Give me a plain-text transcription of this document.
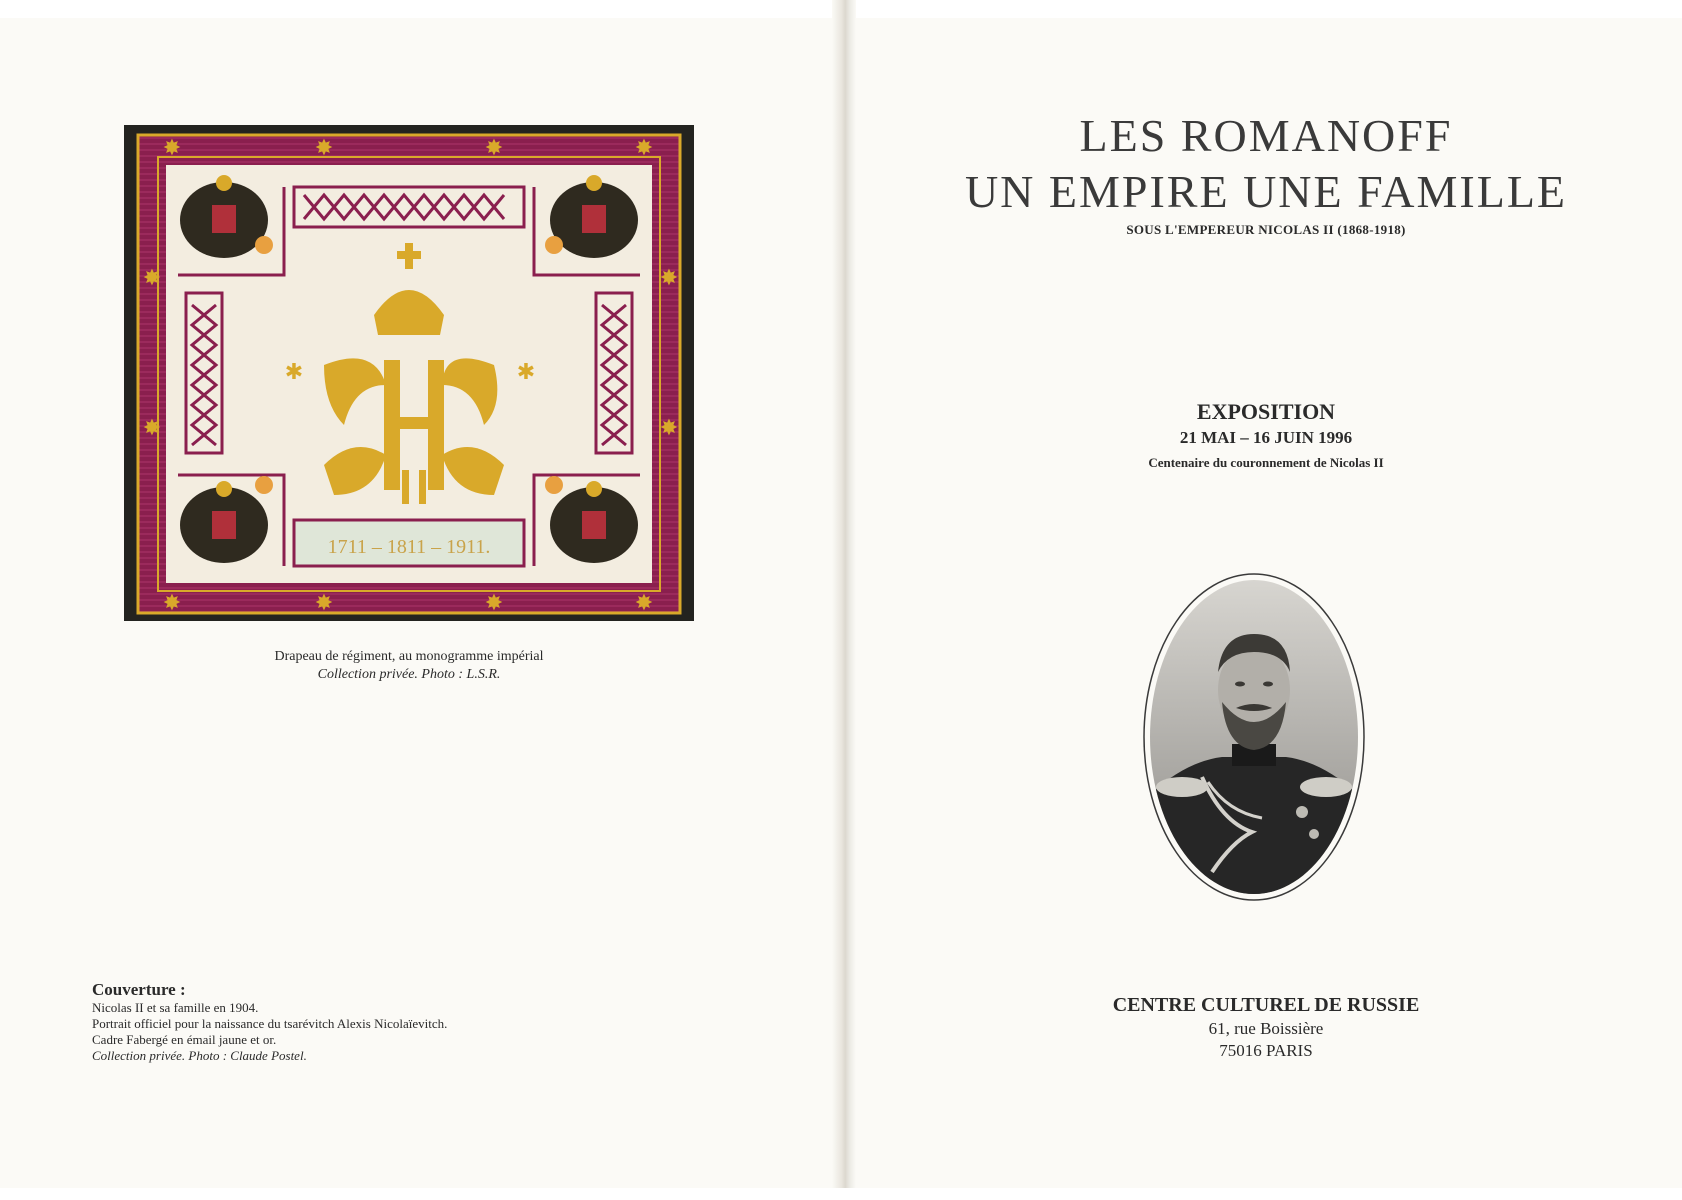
✱	✱
✸	✸	✸	✸
✸	✸	✸	✸
✸
✸
✸
✸
1711 – 1811 – 1911.
Drapeau de régiment, au monogramme impérial
Collection privée. Photo : L.S.R.
Couverture :
Nicolas II et sa famille en 1904.
Portrait officiel pour la naissance du tsarévitch Alexis Nicolaïevitch.
Cadre Fabergé en émail jaune et or.
Collection privée. Photo : Claude Postel.
LES ROMANOFF
UN EMPIRE UNE FAMILLE
SOUS L'EMPEREUR NICOLAS II (1868-1918)
EXPOSITION
21 MAI – 16 JUIN 1996
Centenaire du couronnement de Nicolas II
CENTRE CULTUREL DE RUSSIE
61, rue Boissière
75016 PARIS
